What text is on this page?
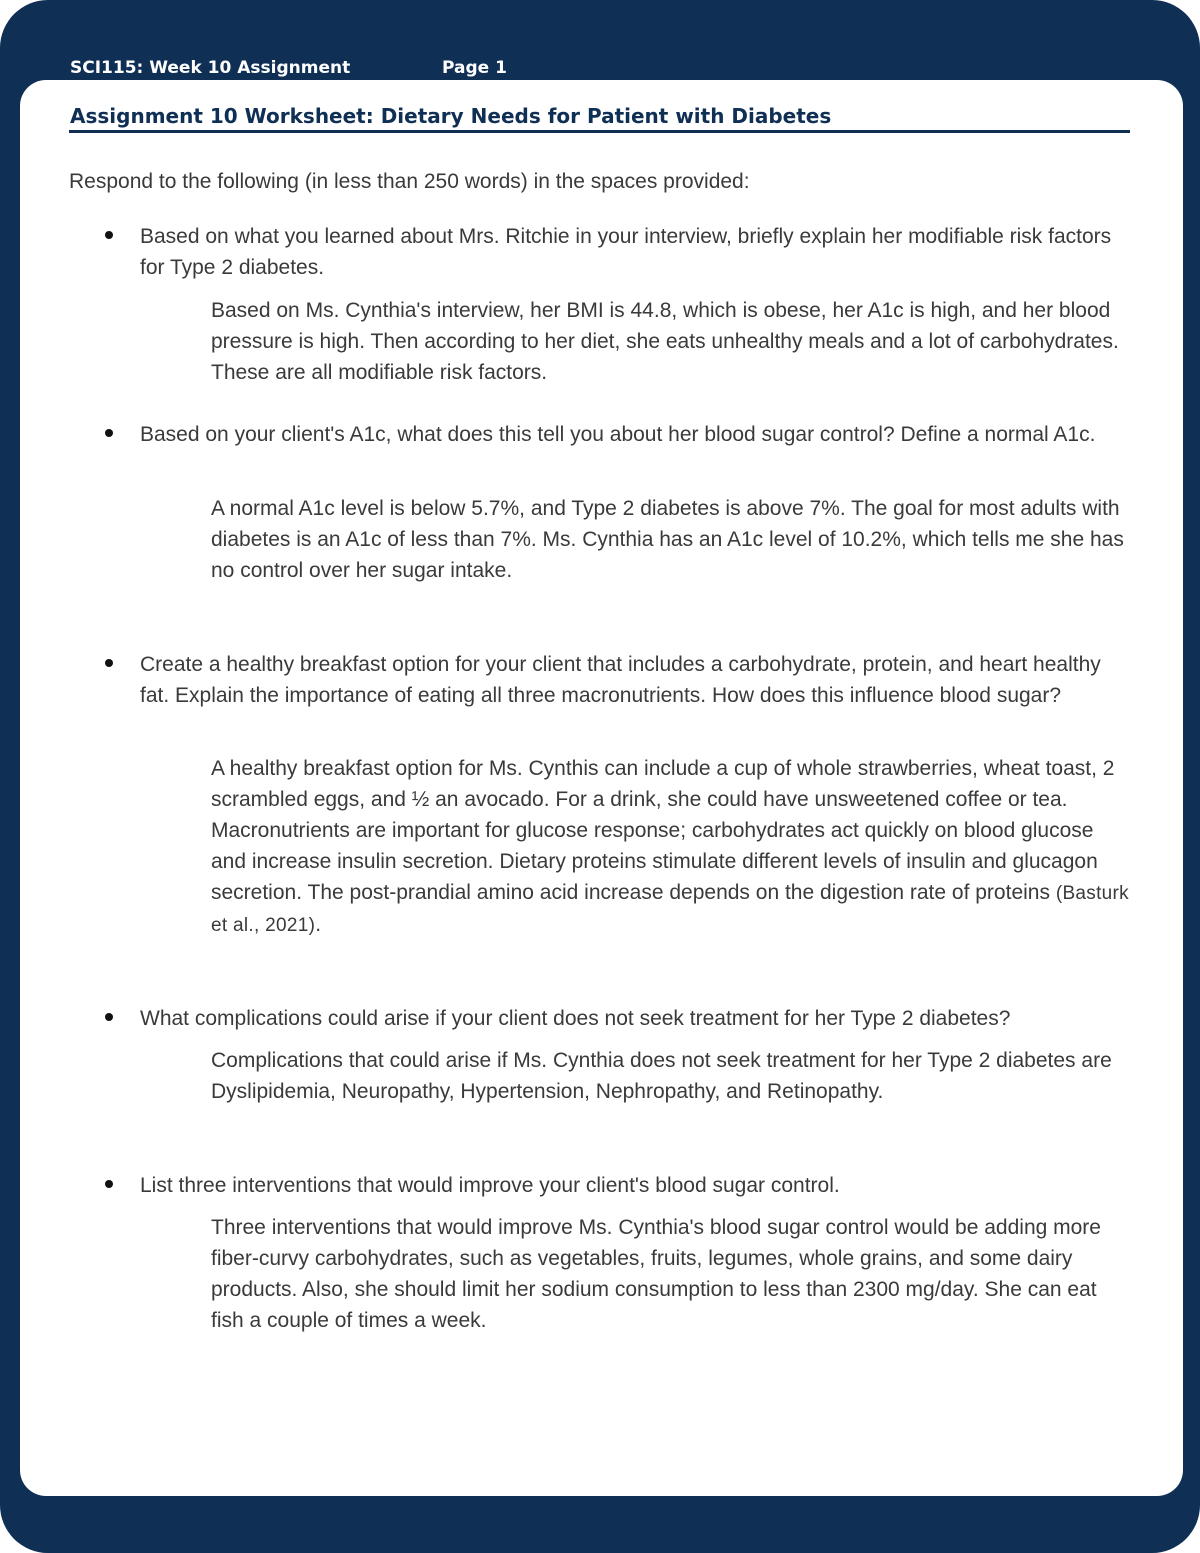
SCI115: Week 10 Assignment	Page 1
Assignment 10 Worksheet: Dietary Needs for Patient with Diabetes
Respond to the following (in less than 250 words) in the spaces provided:
Based on what you learned about Mrs. Ritchie in your interview, briefly explain her modifiable risk factors for Type 2 diabetes.
Based on Ms. Cynthia's interview, her BMI is 44.8, which is obese, her A1c is high, and her blood pressure is high. Then according to her diet, she eats unhealthy meals and a lot of carbohydrates. These are all modifiable risk factors.
Based on your client's A1c, what does this tell you about her blood sugar control? Define a normal A1c.
A normal A1c level is below 5.7%, and Type 2 diabetes is above 7%. The goal for most adults with diabetes is an A1c of less than 7%. Ms. Cynthia has an A1c level of 10.2%, which tells me she has no control over her sugar intake.
Create a healthy breakfast option for your client that includes a carbohydrate, protein, and heart healthy fat. Explain the importance of eating all three macronutrients. How does this influence blood sugar?
A healthy breakfast option for Ms. Cynthis can include a cup of whole strawberries, wheat toast, 2 scrambled eggs, and ½ an avocado. For a drink, she could have unsweetened coffee or tea. Macronutrients are important for glucose response; carbohydrates act quickly on blood glucose and increase insulin secretion. Dietary proteins stimulate different levels of insulin and glucagon secretion. The post-prandial amino acid increase depends on the digestion rate of proteins (Basturk et al., 2021).
What complications could arise if your client does not seek treatment for her Type 2 diabetes?
Complications that could arise if Ms. Cynthia does not seek treatment for her Type 2 diabetes are Dyslipidemia, Neuropathy, Hypertension, Nephropathy, and Retinopathy.
List three interventions that would improve your client's blood sugar control.
Three interventions that would improve Ms. Cynthia's blood sugar control would be adding more fiber-curvy carbohydrates, such as vegetables, fruits, legumes, whole grains, and some dairy products. Also, she should limit her sodium consumption to less than 2300 mg/day. She can eat fish a couple of times a week.
